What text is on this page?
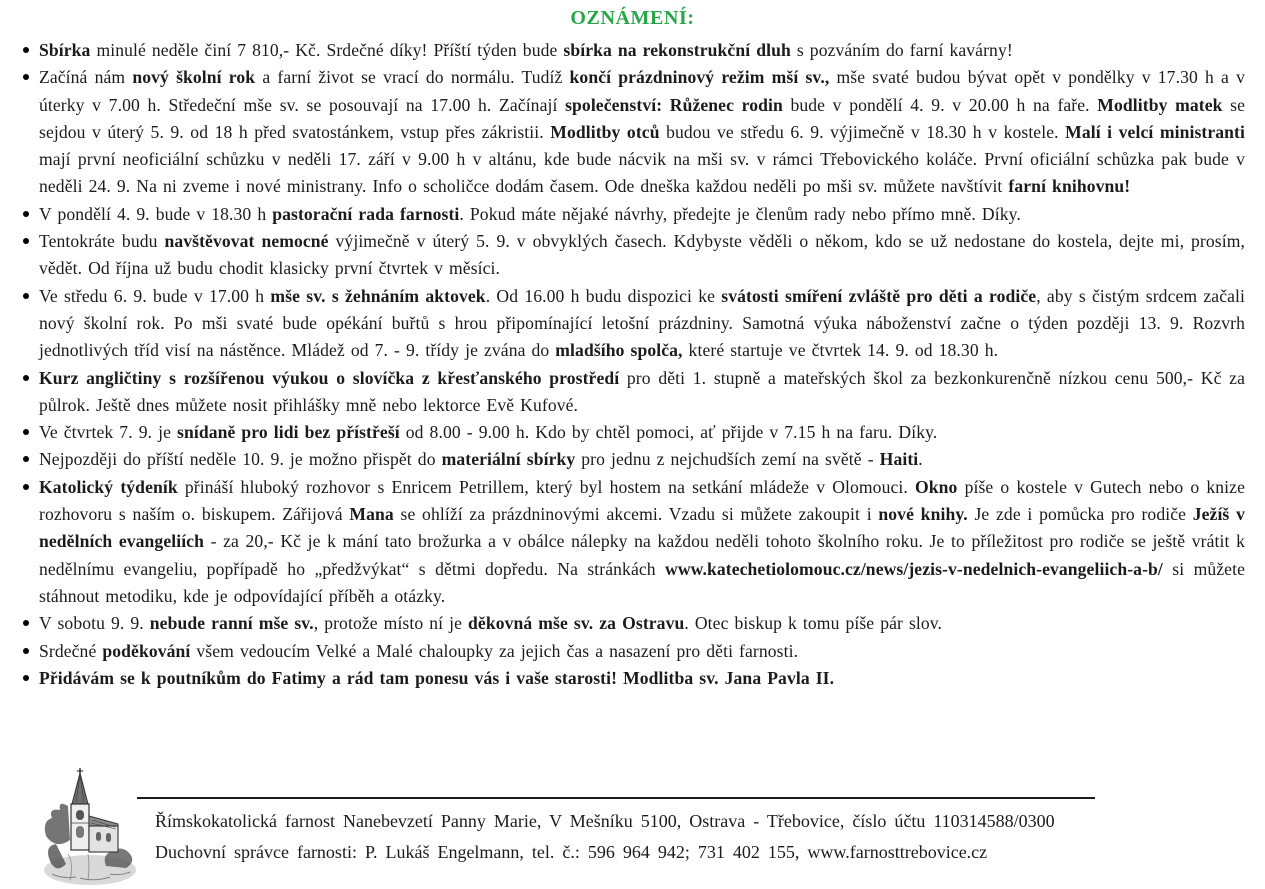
OZNÁMENÍ:
Sbírka minulé neděle činí 7 810,- Kč. Srdečné díky! Příští týden bude sbírka na rekonstrukční dluh s pozváním do farní kavárny!
Začíná nám nový školní rok a farní život se vrací do normálu. Tudíž končí prázdninový režim mší sv., mše svaté budou bývat opět v pondělky v 17.30 h a v úterky v 7.00 h. Středeční mše sv. se posouvají na 17.00 h. Začínají společenství: Růženec rodin bude v pondělí 4. 9. v 20.00 h na faře. Modlitby matek se sejdou v úterý 5. 9. od 18 h před svatostánkem, vstup přes zákristii. Modlitby otců budou ve středu 6. 9. výjimečně v 18.30 h v kostele. Malí i velcí ministranti mají první neoficiální schůzku v neděli 17. září v 9.00 h v altánu, kde bude nácvik na mši sv. v rámci Třebovického koláče. První oficiální schůzka pak bude v neděli 24. 9. Na ni zveme i nové ministrany. Info o scholičce dodám časem. Ode dneška každou neděli po mši sv. můžete navštívit farní knihovnu!
V pondělí 4. 9. bude v 18.30 h pastorační rada farnosti. Pokud máte nějaké návrhy, předejte je členům rady nebo přímo mně. Díky.
Tentokráte budu navštěvovat nemocné výjimečně v úterý 5. 9. v obvyklých časech. Kdybyste věděli o někom, kdo se už nedostane do kostela, dejte mi, prosím, vědět. Od října už budu chodit klasicky první čtvrtek v měsíci.
Ve středu 6. 9. bude v 17.00 h mše sv. s žehnáním aktovek. Od 16.00 h budu dispozici ke svátosti smíření zvláště pro děti a rodiče, aby s čistým srdcem začali nový školní rok. Po mši svaté bude opékání buřtů s hrou připomínající letošní prázdniny. Samotná výuka náboženství začne o týden později 13. 9. Rozvrh jednotlivých tříd visí na nástěnce. Mládež od 7. - 9. třídy je zvána do mladšího spolča, které startuje ve čtvrtek 14. 9. od 18.30 h.
Kurz angličtiny s rozšířenou výukou o slovíčka z křesťanského prostředí pro děti 1. stupně a mateřských škol za bezkonkurenčně nízkou cenu 500,- Kč za půlrok. Ještě dnes můžete nosit přihlášky mně nebo lektorce Evě Kufové.
Ve čtvrtek 7. 9. je snídaně pro lidi bez přístřeší od 8.00 - 9.00 h. Kdo by chtěl pomoci, ať přijde v 7.15 h na faru. Díky.
Nejpozději do příští neděle 10. 9. je možno přispět do materiální sbírky pro jednu z nejchudších zemí na světě - Haiti.
Katolický týdeník přináší hluboký rozhovor s Enricem Petrillem, který byl hostem na setkání mládeže v Olomouci. Okno píše o kostele v Gutech nebo o knize rozhovoru s naším o. biskupem. Zářijová Mana se ohlíží za prázdninovými akcemi. Vzadu si můžete zakoupit i nové knihy. Je zde i pomůcka pro rodiče Ježíš v nedělních evangeliích - za 20,- Kč je k mání tato brožurka a v obálce nálepky na každou neděli tohoto školního roku. Je to příležitost pro rodiče se ještě vrátit k nedělnímu evangeliu, popřípadě ho „předžvýkat“ s dětmi dopředu. Na stránkách www.katechetiolomouc.cz/news/jezis-v-nedelnich-evangeliich-a-b/ si můžete stáhnout metodiku, kde je odpovídající příběh a otázky.
V sobotu 9. 9. nebude ranní mše sv., protože místo ní je děkovná mše sv. za Ostravu. Otec biskup k tomu píše pár slov.
Srdečné poděkování všem vedoucím Velké a Malé chaloupky za jejich čas a nasazení pro děti farnosti.
Přidávám se k poutníkům do Fatimy a rád tam ponesu vás i vaše starosti! Modlitba sv. Jana Pavla II.
Římskokatolická farnost Nanebevzetí Panny Marie, V Mešníku 5100, Ostrava - Třebovice, číslo účtu 110314588/0300
Duchovní správce farnosti: P. Lukáš Engelmann, tel. č.: 596 964 942; 731 402 155, www.farnosttrebovice.cz
